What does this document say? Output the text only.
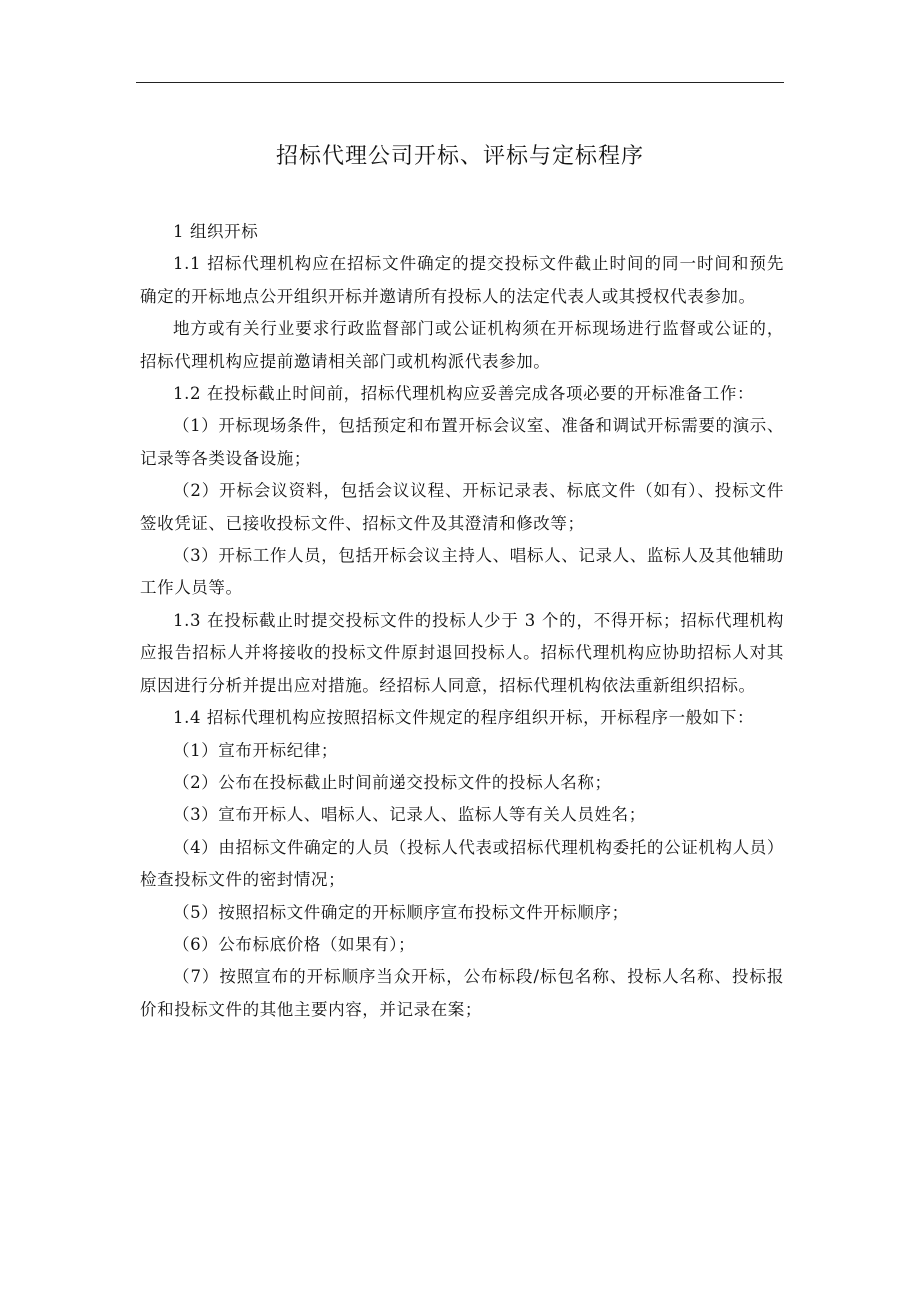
招标代理公司开标、评标与定标程序

1 组织开标

1.1 招标代理机构应在招标文件确定的提交投标文件截止时间的同一时间和预先确定的开标地点公开组织开标并邀请所有投标人的法定代表人或其授权代表参加。

地方或有关行业要求行政监督部门或公证机构须在开标现场进行监督或公证的，招标代理机构应提前邀请相关部门或机构派代表参加。

1.2 在投标截止时间前，招标代理机构应妥善完成各项必要的开标准备工作：

（1）开标现场条件，包括预定和布置开标会议室、准备和调试开标需要的演示、记录等各类设备设施；

（2）开标会议资料，包括会议议程、开标记录表、标底文件（如有）、投标文件签收凭证、已接收投标文件、招标文件及其澄清和修改等；

（3）开标工作人员，包括开标会议主持人、唱标人、记录人、监标人及其他辅助工作人员等。

1.3 在投标截止时提交投标文件的投标人少于 3 个的，不得开标；招标代理机构应报告招标人并将接收的投标文件原封退回投标人。招标代理机构应协助招标人对其原因进行分析并提出应对措施。经招标人同意，招标代理机构依法重新组织招标。

1.4 招标代理机构应按照招标文件规定的程序组织开标，开标程序一般如下：

（1）宣布开标纪律；

（2）公布在投标截止时间前递交投标文件的投标人名称；

（3）宣布开标人、唱标人、记录人、监标人等有关人员姓名；

（4）由招标文件确定的人员（投标人代表或招标代理机构委托的公证机构人员）检查投标文件的密封情况；

（5）按照招标文件确定的开标顺序宣布投标文件开标顺序；

（6）公布标底价格（如果有）；

（7）按照宣布的开标顺序当众开标，公布标段/标包名称、投标人名称、投标报价和投标文件的其他主要内容，并记录在案；
